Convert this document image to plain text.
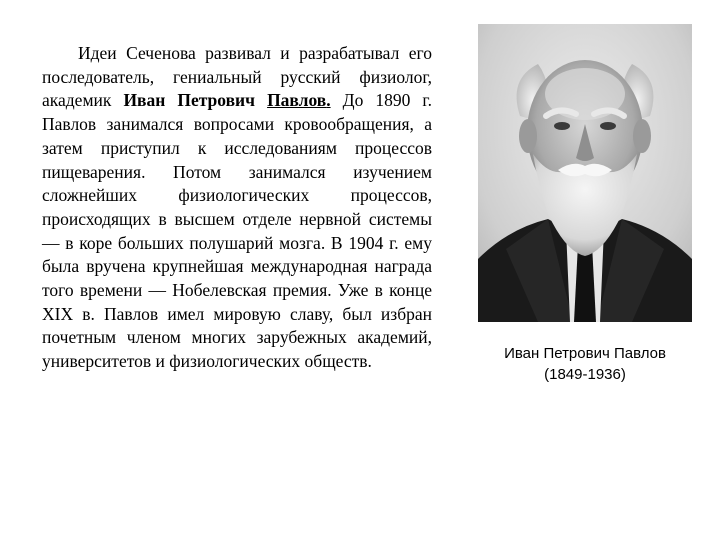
Идеи Сеченова развивал и разрабатывал его последователь, гениальный русский физиолог, академик Иван Петрович Павлов. До 1890 г. Павлов занимался вопросами кровообращения, а затем приступил к исследованиям процессов пищеварения. Потом занимался изучением сложнейших физиологических процессов, происходящих в высшем отделе нервной системы — в коре больших полушарий мозга. В 1904 г. ему была вручена крупнейшая международная награда того времени — Нобелевская премия. Уже в конце XIX в. Павлов имел мировую славу, был избран почетным членом многих зарубежных академий, университетов и физиологических обществ.	Иван Петрович Павлов
(1849-1936)
